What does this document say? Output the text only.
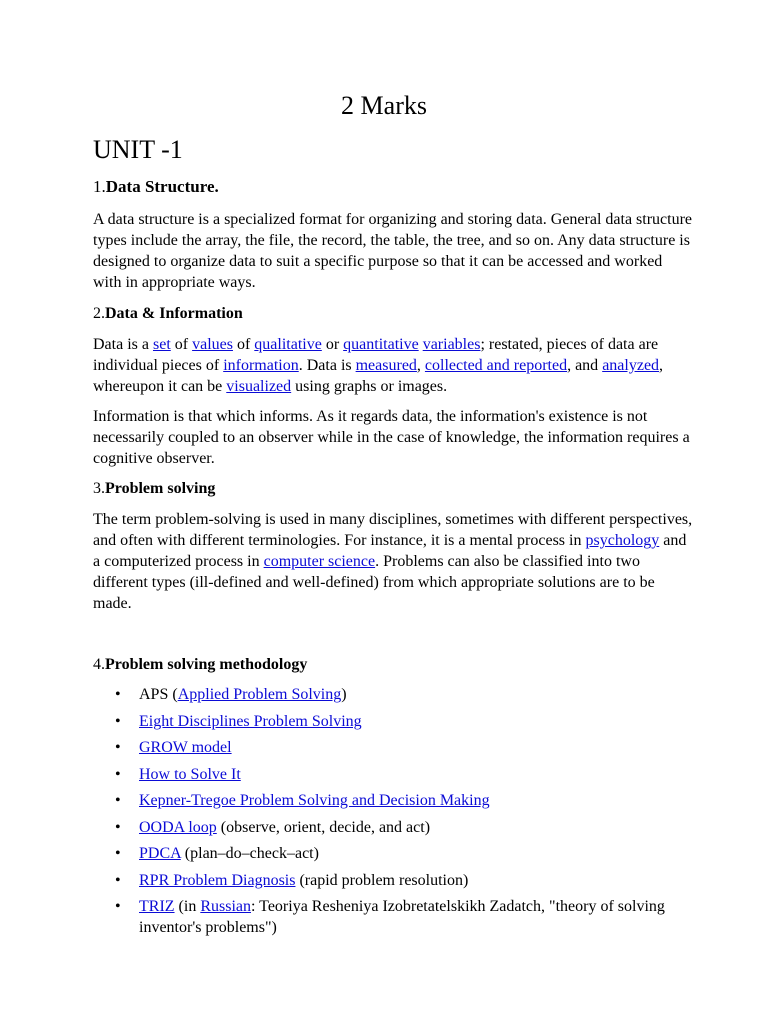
2 Marks
UNIT -1

1.Data Structure.

A data structure is a specialized format for organizing and storing data. General data structure types include the array, the file, the record, the table, the tree, and so on. Any data structure is designed to organize data to suit a specific purpose so that it can be accessed and worked with in appropriate ways.

2.Data & Information

Data is a set of values of qualitative or quantitative variables; restated, pieces of data are individual pieces of information. Data is measured, collected and reported, and analyzed, whereupon it can be visualized using graphs or images.

Information is that which informs. As it regards data, the information's existence is not necessarily coupled to an observer while in the case of knowledge, the information requires a cognitive observer.

3.Problem solving

The term problem-solving is used in many disciplines, sometimes with different perspectives, and often with different terminologies. For instance, it is a mental process in psychology and a computerized process in computer science. Problems can also be classified into two different types (ill-defined and well-defined) from which appropriate solutions are to be made.

4.Problem solving methodology

• APS (Applied Problem Solving)
• Eight Disciplines Problem Solving
• GROW model
• How to Solve It
• Kepner-Tregoe Problem Solving and Decision Making
• OODA loop (observe, orient, decide, and act)
• PDCA (plan–do–check–act)
• RPR Problem Diagnosis (rapid problem resolution)
• TRIZ (in Russian: Teoriya Resheniya Izobretatelskikh Zadatch, "theory of solving inventor's problems")
